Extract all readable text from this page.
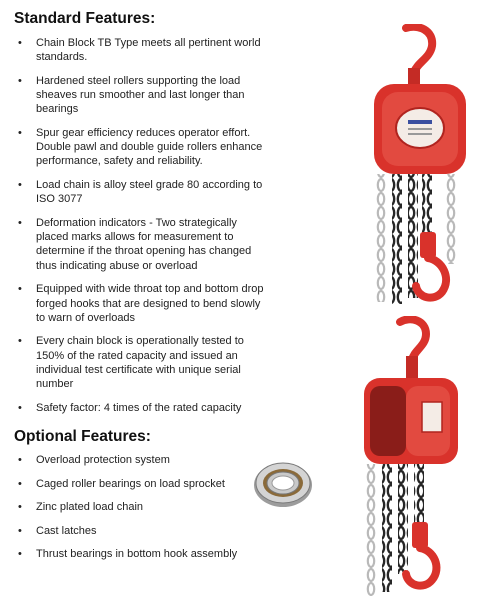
Standard Features:
• Chain Block TB Type meets all pertinent world standards.
• Hardened steel rollers supporting the load sheaves run smoother and last longer than bearings
• Spur gear efficiency reduces operator effort. Double pawl and double guide rollers enhance performance, safety and reliability.
• Load chain is alloy steel grade 80 according to ISO 3077
• Deformation indicators - Two strategically placed marks allows for measurement to determine if the throat opening has changed thus indicating abuse or overload
• Equipped with wide throat top and bottom drop forged hooks that are designed to bend slowly to warn of overloads
• Every chain block is operationally tested to 150% of the rated capacity and issued an individual test certificate with unique serial number
• Safety factor: 4 times of the rated capacity
Optional Features:
• Overload protection system
• Caged roller bearings on load sprocket
• Zinc plated load chain
• Cast latches
• Thrust bearings in bottom hook assembly
